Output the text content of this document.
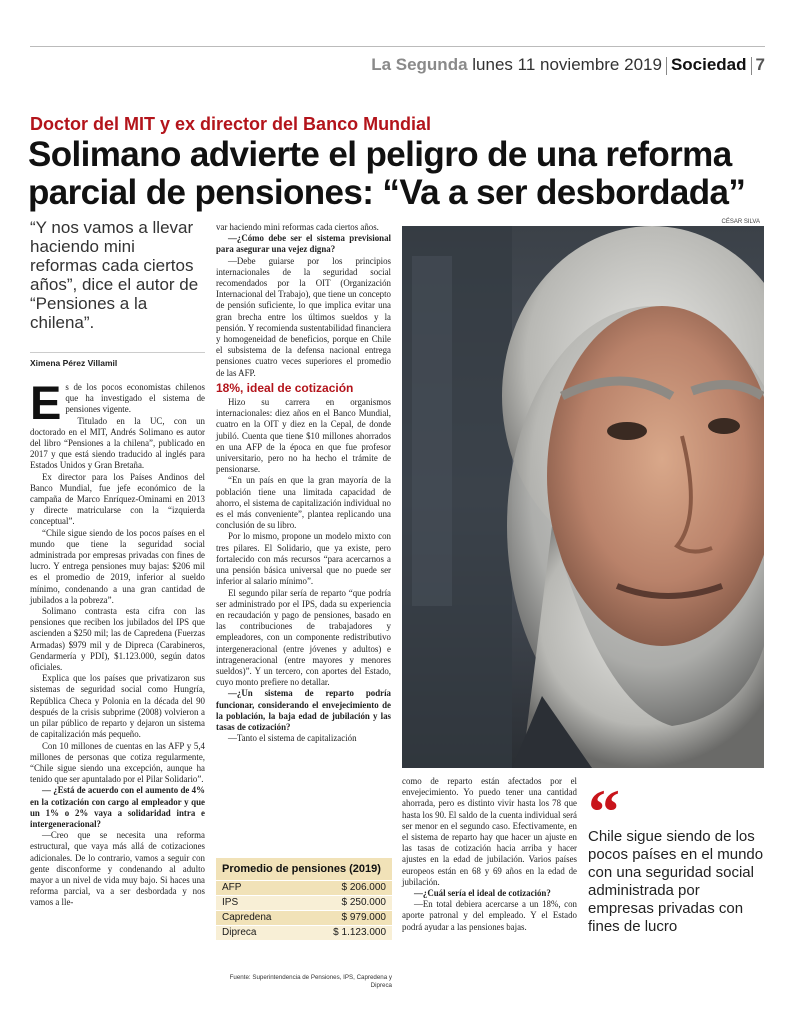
La Segunda lunes 11 noviembre 2019 Sociedad 7
Doctor del MIT y ex director del Banco Mundial
Solimano advierte el peligro de una reforma parcial de pensiones: “Va a ser desbordada”
CÉSAR SILVA
“Y nos vamos a llevar haciendo mini reformas cada ciertos años”, dice el autor de “Pensiones a la chilena”.
Ximena Pérez Villamil

Es de los pocos economistas chilenos que ha investigado el sistema de pensiones vigente.

Titulado en la UC, con un doctorado en el MIT, Andrés Solimano es autor del libro “Pensiones a la chilena”, publicado en 2017 y que está siendo traducido al inglés para Estados Unidos y Gran Bretaña.

Ex director para los Países Andinos del Banco Mundial, fue jefe económico de la campaña de Marco Enríquez-Ominami en 2013 y directe matricularse con la “izquierda conceptual”.

“Chile sigue siendo de los pocos países en el mundo que tiene la seguridad social administrada por empresas privadas con fines de lucro. Y entrega pensiones muy bajas: $206 mil es el promedio de 2019, inferior al sueldo mínimo, condenando a una gran cantidad de jubilados a la pobreza”.

Solimano contrasta esta cifra con las pensiones que reciben los jubilados del IPS que ascienden a $250 mil; las de Capredena (Fuerzas Armadas) $979 mil y de Dipreca (Carabineros, Gendarmería y PDI), $1.123.000, según datos oficiales.

Explica que los países que privatizaron sus sistemas de seguridad social como Hungría, República Checa y Polonia en la década del 90 después de la crisis subprime (2008) volvieron a un pilar público de reparto y dejaron un sistema de capitalización más pequeño.

Con 10 millones de cuentas en las AFP y 5,4 millones de personas que cotiza regularmente, “Chile sigue siendo una excepción, aunque ha tenido que ser apuntalado por el Pilar Solidario”.

— ¿Está de acuerdo con el aumento de 4% en la cotización con cargo al empleador y que un 1% o 2% vaya a solidaridad intra e intergeneracional?

—Creo que se necesita una reforma estructural, que vaya más allá de cotizaciones adicionales. De lo contrario, vamos a seguir con gente disconforme y condenando al adulto mayor a un nivel de vida muy bajo. Si haces una reforma parcial, va a ser desbordada y nos vamos a lle-

var haciendo mini reformas cada ciertos años.

—¿Cómo debe ser el sistema previsional para asegurar una vejez digna?

—Debe guiarse por los principios internacionales de la seguridad social recomendados por la OIT (Organización Internacional del Trabajo), que tiene un concepto de pensión suficiente, lo que implica evitar una gran brecha entre los últimos sueldos y la pensión. Y recomienda sustentabilidad financiera y homogeneidad de beneficios, porque en Chile el subsistema de la defensa nacional entrega pensiones cuatro veces superiores el promedio de las AFP.

18%, ideal de cotización

Hizo su carrera en organismos internacionales: diez años en el Banco Mundial, cuatro en la OIT y diez en la Cepal, de donde jubiló. Cuenta que tiene $10 millones ahorrados en una AFP de la época en que fue profesor universitario, pero no ha hecho el trámite de pensionarse.

“En un país en que la gran mayoría de la población tiene una limitada capacidad de ahorro, el sistema de capitalización individual no es el más conveniente”, plantea replicando una conclusión de su libro.

Por lo mismo, propone un modelo mixto con tres pilares. El Solidario, que ya existe, pero fortalecido con más recursos “para acercarnos a una pensión básica universal que no puede ser inferior al salario mínimo”.

El segundo pilar sería de reparto “que podría ser administrado por el IPS, dada su experiencia en recaudación y pago de pensiones, basado en las contribuciones de trabajadores y empleadores, con un componente redistributivo intergeneracional (entre jóvenes y adultos) e intrageneracional (entre mayores y menores sueldos)”. Y un tercero, con aportes del Estado, cuyo monto prefiere no detallar.

—¿Un sistema de reparto podría funcionar, considerando el envejecimiento de la población, la baja edad de jubilación y las tasas de cotización?

—Tanto el sistema de capitalización

Promedio de pensiones (2019)
AFP	$ 206.000
IPS	$ 250.000
Capredena	$ 979.000
Dipreca	$ 1.123.000
Fuente: Superintendencia de Pensiones, IPS, Capredena y Dipreca

como de reparto están afectados por el envejecimiento. Yo puedo tener una cantidad ahorrada, pero es distinto vivir hasta los 78 que hasta los 90. El saldo de la cuenta individual será ser menor en el segundo caso. Efectivamente, en el sistema de reparto hay que hacer un ajuste en las tasas de cotización hacia arriba y hacer ajustes en la edad de jubilación. Varios países europeos están en 68 y 69 años en la edad de jubilación.

—¿Cuál sería el ideal de cotización?

—En total debiera acercarse a un 18%, con aporte patronal y del empleado. Y el Estado podrá ayudar a las pensiones bajas.

“
Chile sigue siendo de los pocos países en el mundo con una seguridad social administrada por empresas privadas con fines de lucro
